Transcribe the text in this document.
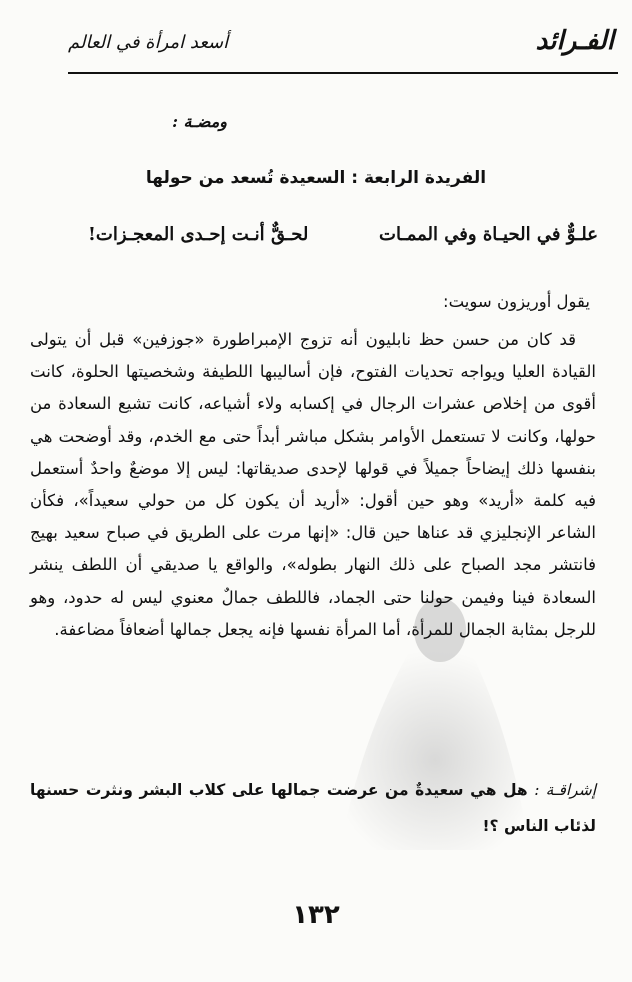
الفـرائد
أسعد امرأة في العالم
ومضـة :
الفريدة الرابعة : السعيدة تُسعد من حولها
علـوٌّ في الحيـاة وفي الممـات
لحـقٌّ أنـت إحـدى المعجـزات!
يقول أوريزون سويت:

قد كان من حسن حظ نابليون أنه تزوج الإمبراطورة «جوزفين» قبل أن يتولى القيادة العليا ويواجه تحديات الفتوح، فإن أساليبها اللطيفة وشخصيتها الحلوة، كانت أقوى من إخلاص عشرات الرجال في إكسابه ولاء أشياعه، كانت تشيع السعادة من حولها، وكانت لا تستعمل الأوامر بشكل مباشر أبداً حتى مع الخدم، وقد أوضحت هي بنفسها ذلك إيضاحاً جميلاً في قولها لإحدى صديقاتها: ليس إلا موضعٌ واحدٌ أستعمل فيه كلمة «أريد» وهو حين أقول: «أريد أن يكون كل من حولي سعيداً»، فكأن الشاعر الإنجليزي قد عناها حين قال: «إنها مرت على الطريق في صباح سعيد بهيج فانتشر مجد الصباح على ذلك النهار بطوله»، والواقع يا صديقي أن اللطف ينشر السعادة فينا وفيمن حولنا حتى الجماد، فاللطف جمالٌ معنوي ليس له حدود، وهو للرجل بمثابة الجمال للمرأة، أما المرأة نفسها فإنه يجعل جمالها أضعافاً مضاعفة.

إشراقـة : هل هي سعيدةٌ من عرضت جمالها على كلاب البشر ونثرت حسنها لذئاب الناس ؟!
١٣٢
